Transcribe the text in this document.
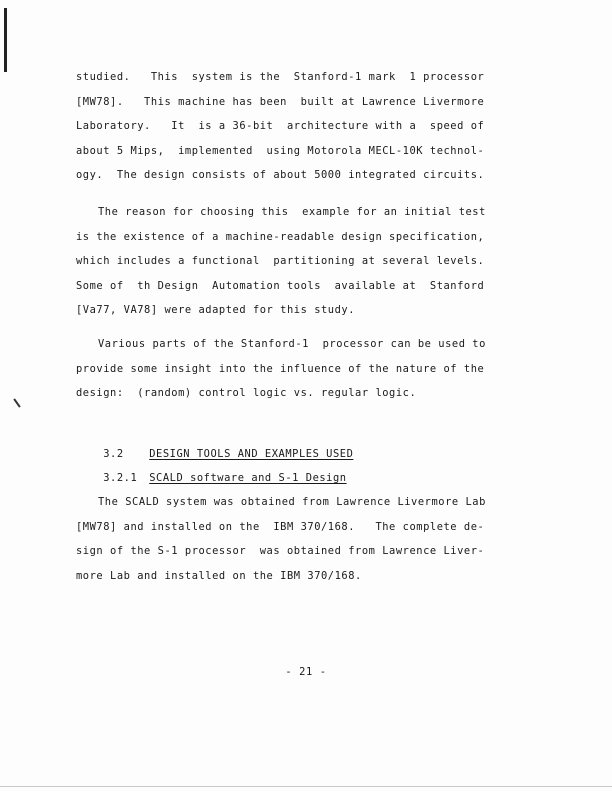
studied.   This  system is the  Stanford-1 mark  1 processor
[MW78].   This machine has been  built at Lawrence Livermore
Laboratory.   It  is a 36-bit  architecture with a  speed of
about 5 Mips,  implemented  using Motorola MECL-10K technol-
ogy.  The design consists of about 5000 integrated circuits.
The reason for choosing this  example for an initial test
is the existence of a machine-readable design specification,
which includes a functional  partitioning at several levels.
Some of  th Design  Automation tools  available at  Stanford
[Va77, VA78] were adapted for this study.
Various parts of the Stanford-1  processor can be used to
provide some insight into the influence of the nature of the
design:  (random) control logic vs. regular logic.

3.2 DESIGN TOOLS AND EXAMPLES USED

3.2.1 SCALD software and S-1 Design

The SCALD system was obtained from Lawrence Livermore Lab
[MW78] and installed on the  IBM 370/168.   The complete de-
sign of the S-1 processor  was obtained from Lawrence Liver-
more Lab and installed on the IBM 370/168.
- 21 -
